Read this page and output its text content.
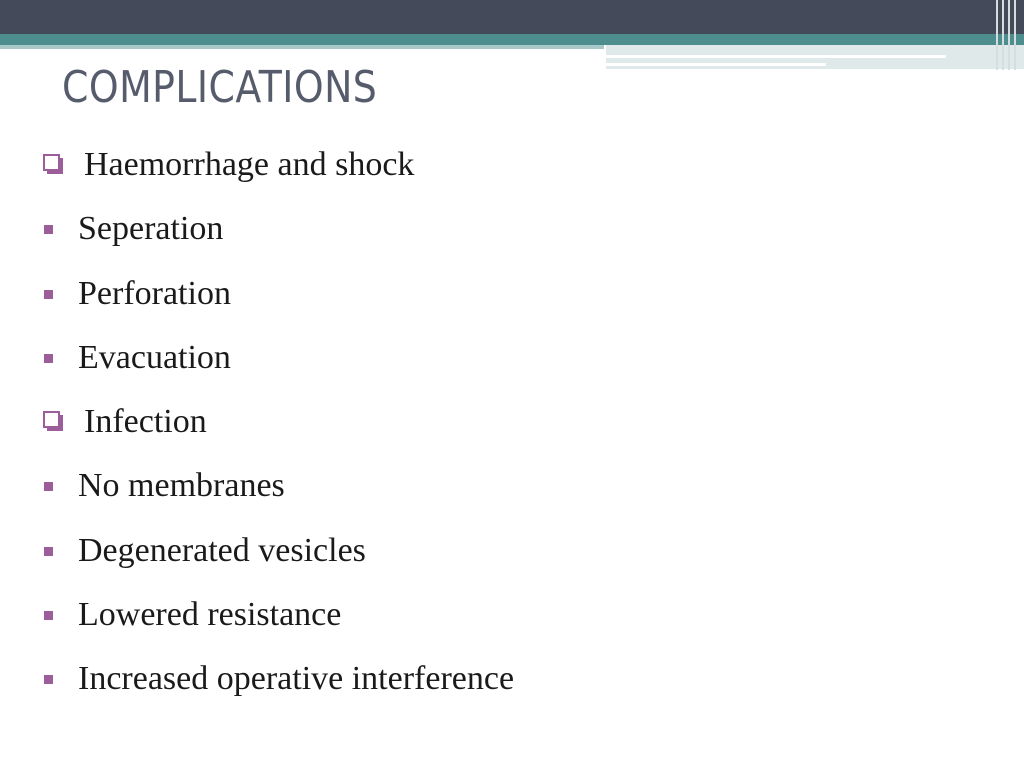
COMPLICATIONS
Haemorrhage and shock
Seperation
Perforation
Evacuation
Infection
No membranes
Degenerated vesicles
Lowered resistance
Increased operative interference
